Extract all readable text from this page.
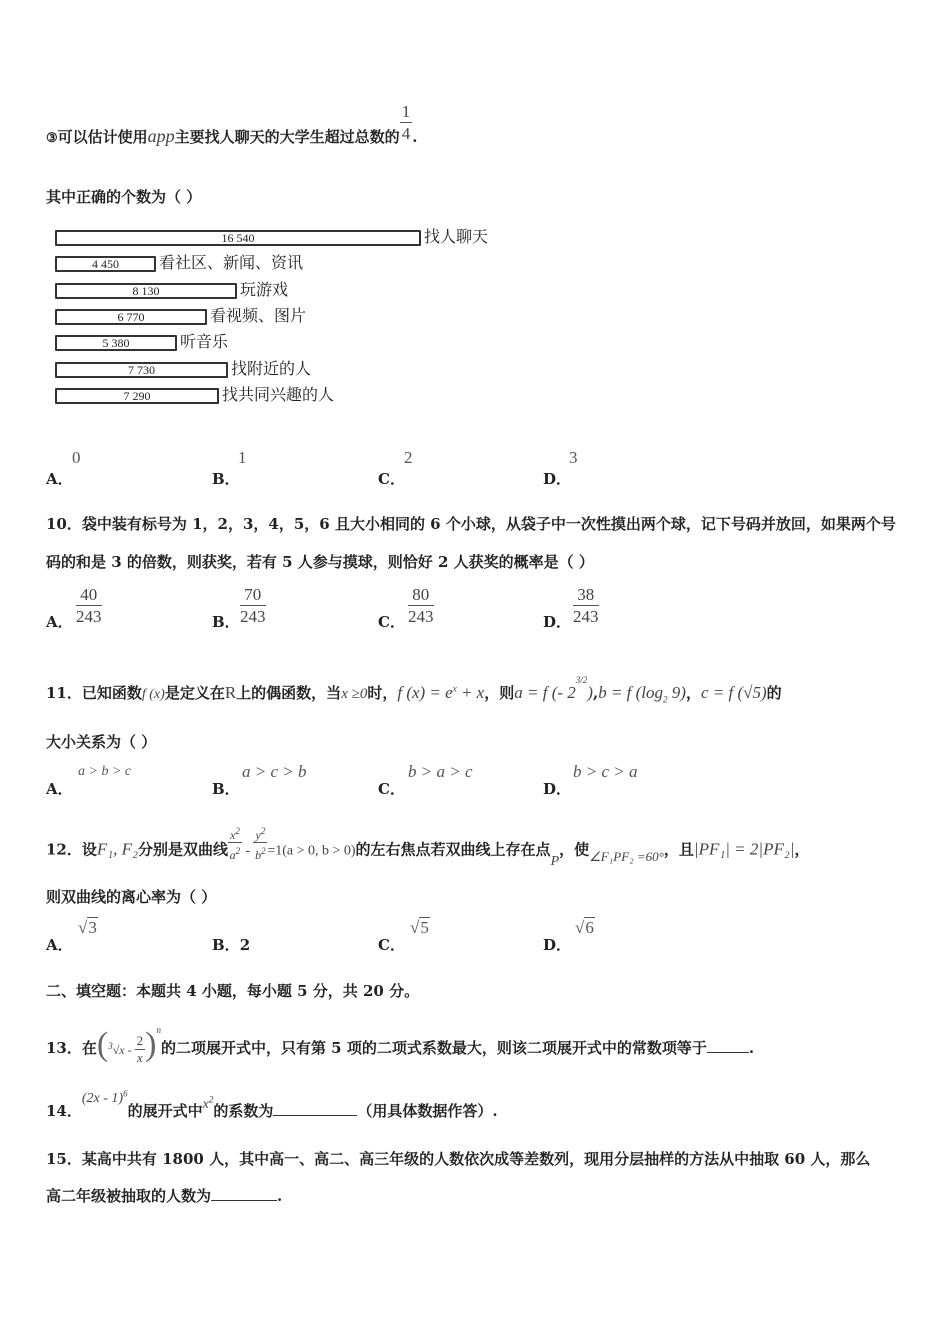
③可以估计使用app主要找人聊天的大学生超过总数的 $\frac{1}{4}$ .
其中正确的个数为（ ）
16 540	找人聊天
4 450	看社区、新闻、资讯
8 130	玩游戏
6 770	看视频、图片
5 380	听音乐
7 730	找附近的人
7 290	找共同兴趣的人
A．
0
B．
1
C．
2
D．
3
10．袋中装有标号为 1，2，3，4，5，6 且大小相同的 6 个小球，从袋子中一次性摸出两个球，记下号码并放回，如果两个号
码的和是 3 的倍数，则获奖，若有 5 人参与摸球，则恰好 2 人获奖的概率是（ ）
A． $\frac{40}{243}$	B． $\frac{70}{243}$	C． $\frac{80}{243}$	D． $\frac{38}{243}$
11．已知函数f (x)是定义在R上的偶函数，当x ≥0时，f $(x) = e^x + x$，则a = f (- $2^{3/2}),b = f$ ($\log_2$ 9)，c = f (√5)的
大小关系为（ ）
A．
a > b > c
B．
a > c > b
C．
b > a > c
D．
b > c > a
12．设F₁, F₂分别是双曲线 $\frac{x^2}{a^2} - \frac{y^2}{b^2} =1(a > 0$, b > 0)的左右焦点若双曲线上存在点P，使∠F₁PF₂ =60°，且|PF₁| = 2|PF₂|，
则双曲线的离心率为（ ）
A．
√3
B．2	C．
√5
D．
√6
二、填空题：本题共 4 小题，每小题 5 分，共 20 分。
13．在$(^3√x - \frac{2}{x} )^n$的二项展开式中，只有第 5 项的二项式系数最大，则该二项展开式中的常数项等于	.
14．(2x - 1)$^6$的展开式中$x^2$的系数为	（用具体数据作答）.
15．某高中共有 1800 人，其中高一、高二、高三年级的人数依次成等差数列，现用分层抽样的方法从中抽取 60 人，那么
高二年级被抽取的人数为	.
